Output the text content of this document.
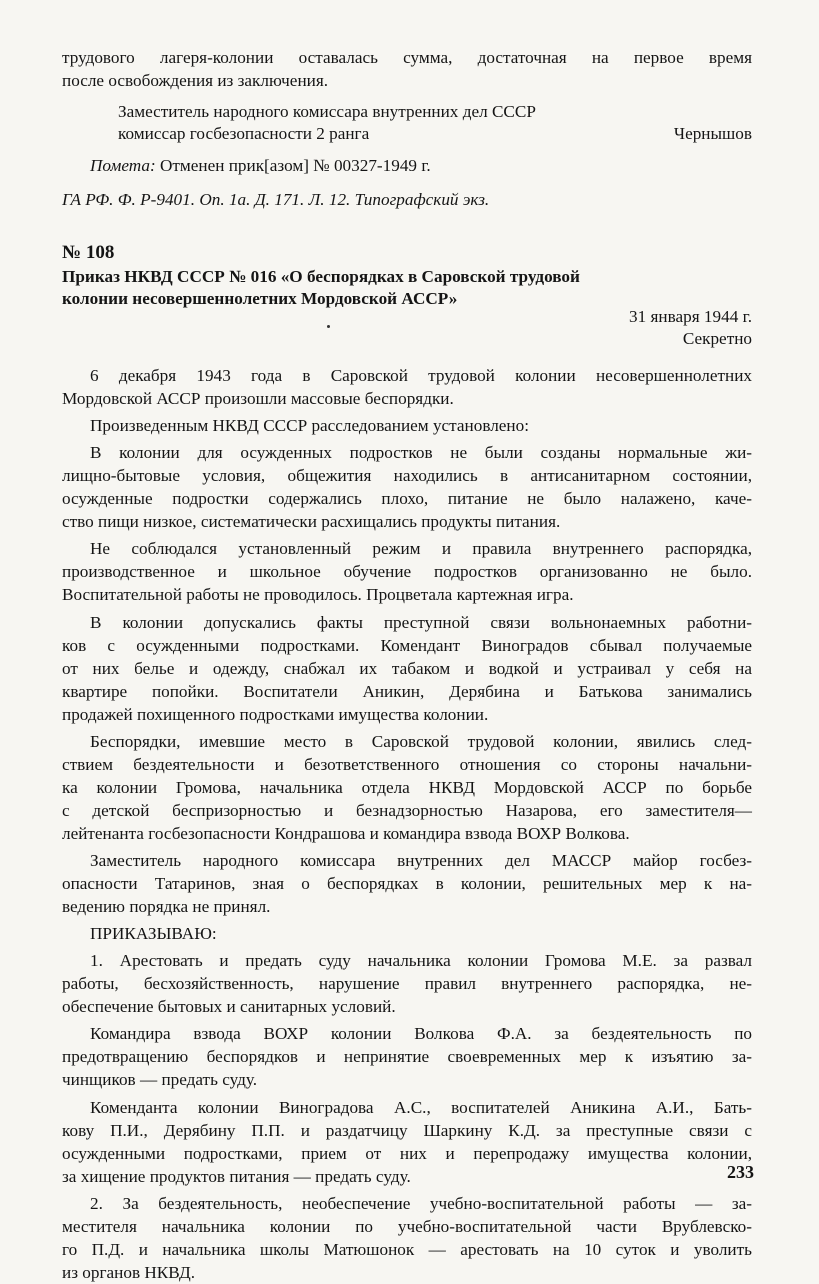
трудового лагеря-колонии оставалась сумма, достаточная на первое время
после освобождения из заключения.
Заместитель народного комиссара внутренних дел СССР
комиссар госбезопасности 2 ранга	Чернышов
Помета: Отменен прик[азом] № 00327-1949 г.
ГА РФ. Ф. Р-9401. Оп. 1а. Д. 171. Л. 12. Типографский экз.
№ 108
Приказ НКВД СССР № 016 «О беспорядках в Саровской трудовой
колонии несовершеннолетних Мордовской АССР»
31 января 1944 г.
Секретно
6 декабря 1943 года в Саровской трудовой колонии несовершеннолетних
Мордовской АССР произошли массовые беспорядки.
Произведенным НКВД СССР расследованием установлено:
В колонии для осужденных подростков не были созданы нормальные жи-
лищно-бытовые условия, общежития находились в антисанитарном состоянии,
осужденные подростки содержались плохо, питание не было налажено, каче-
ство пищи низкое, систематически расхищались продукты питания.
Не соблюдался установленный режим и правила внутреннего распорядка,
производственное и школьное обучение подростков организованно не было.
Воспитательной работы не проводилось. Процветала картежная игра.
В колонии допускались факты преступной связи вольнонаемных работни-
ков с осужденными подростками. Комендант Виноградов сбывал получаемые
от них белье и одежду, снабжал их табаком и водкой и устраивал у себя на
квартире попойки. Воспитатели Аникин, Дерябина и Батькова занимались
продажей похищенного подростками имущества колонии.
Беспорядки, имевшие место в Саровской трудовой колонии, явились след-
ствием бездеятельности и безответственного отношения со стороны начальни-
ка колонии Громова, начальника отдела НКВД Мордовской АССР по борьбе
с детской беспризорностью и безнадзорностью Назарова, его заместителя—
лейтенанта госбезопасности Кондрашова и командира взвода ВОХР Волкова.
Заместитель народного комиссара внутренних дел МАССР майор госбез-
опасности Татаринов, зная о беспорядках в колонии, решительных мер к на-
ведению порядка не принял.
ПРИКАЗЫВАЮ:
1. Арестовать и предать суду начальника колонии Громова М.Е. за развал
работы, бесхозяйственность, нарушение правил внутреннего распорядка, не-
обеспечение бытовых и санитарных условий.
Командира взвода ВОХР колонии Волкова Ф.А. за бездеятельность по
предотвращению беспорядков и непринятие своевременных мер к изъятию за-
чинщиков — предать суду.
Коменданта колонии Виноградова А.С., воспитателей Аникина А.И., Бать-
кову П.И., Дерябину П.П. и раздатчицу Шаркину К.Д. за преступные связи с
осужденными подростками, прием от них и перепродажу имущества колонии,
за хищение продуктов питания — предать суду.
2. За бездеятельность, необеспечение учебно-воспитательной работы — за-
местителя начальника колонии по учебно-воспитательной части Врублевско-
го П.Д. и начальника школы Матюшонок — арестовать на 10 суток и уволить
из органов НКВД.
233
